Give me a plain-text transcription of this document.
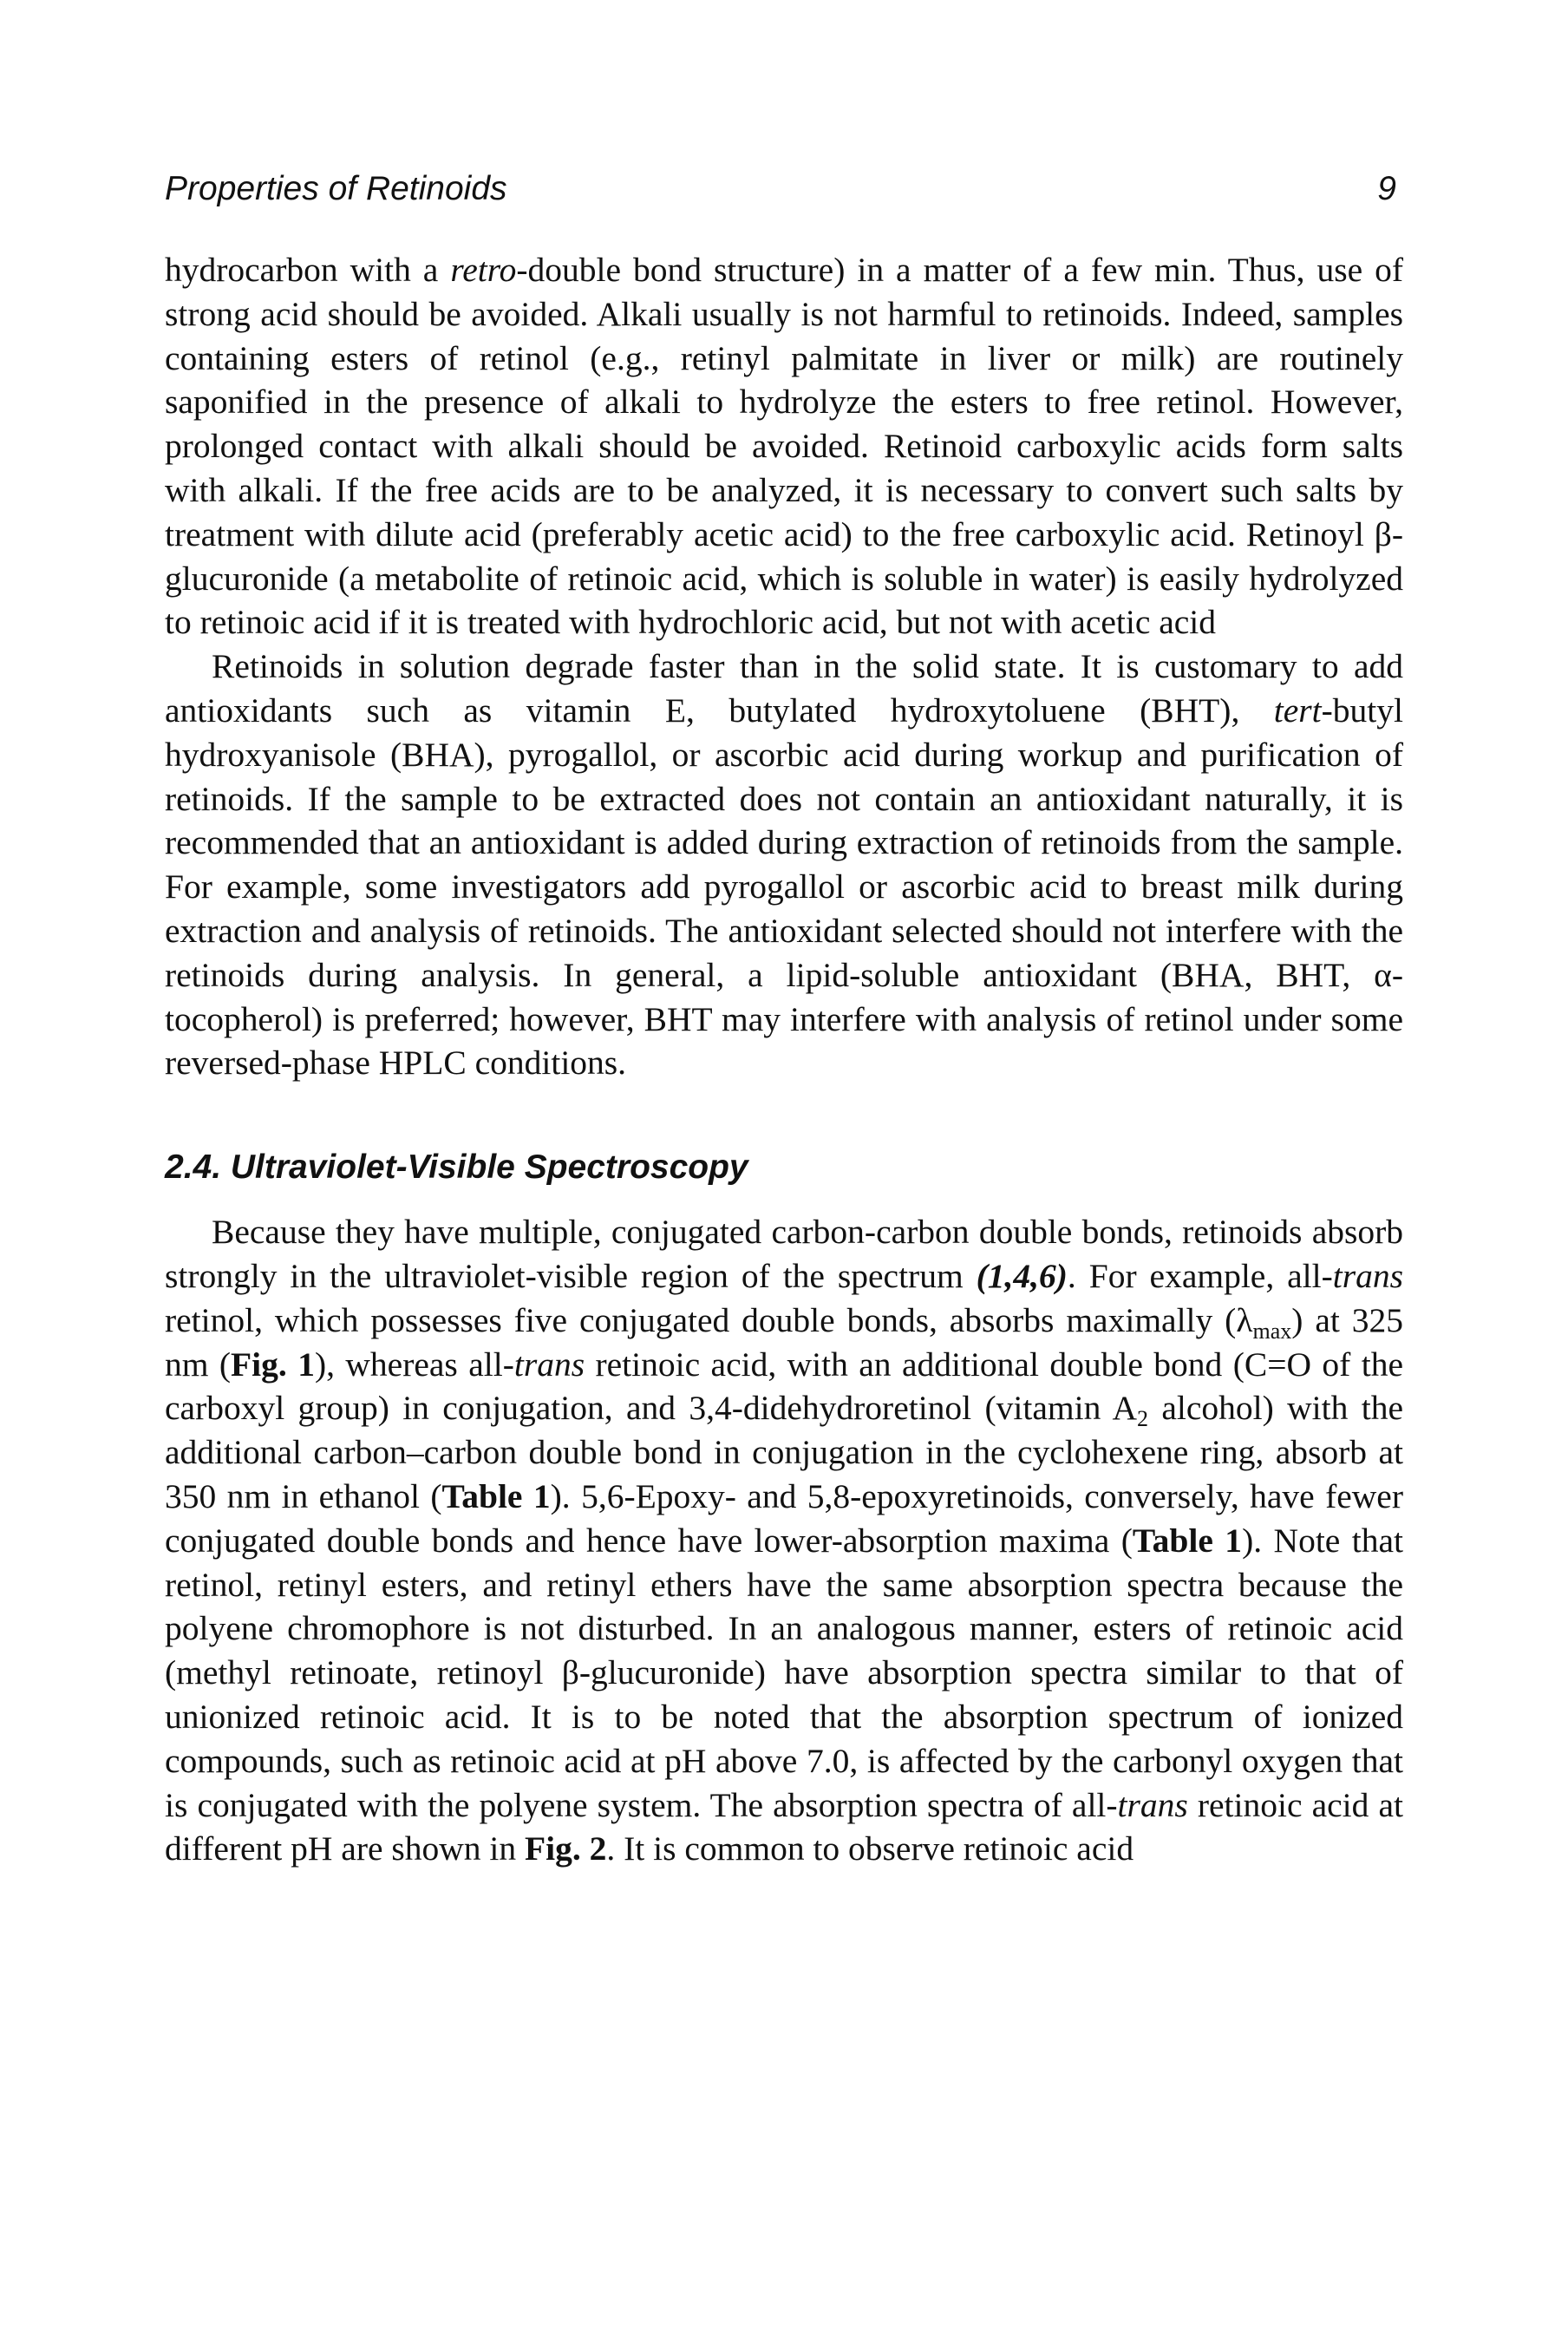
Properties of Retinoids	9

hydrocarbon with a retro-double bond structure) in a matter of a few min. Thus, use of strong acid should be avoided. Alkali usually is not harmful to retinoids. Indeed, samples containing esters of retinol (e.g., retinyl palmitate in liver or milk) are routinely saponified in the presence of alkali to hydrolyze the esters to free retinol. However, prolonged contact with alkali should be avoided. Retinoid carboxylic acids form salts with alkali. If the free acids are to be analyzed, it is necessary to convert such salts by treatment with dilute acid (preferably acetic acid) to the free carboxylic acid. Retinoyl β-glucuronide (a metabolite of retinoic acid, which is soluble in water) is easily hydrolyzed to retinoic acid if it is treated with hydrochloric acid, but not with acetic acid

Retinoids in solution degrade faster than in the solid state. It is customary to add antioxidants such as vitamin E, butylated hydroxytoluene (BHT), tert-butyl hydroxyanisole (BHA), pyrogallol, or ascorbic acid during workup and purification of retinoids. If the sample to be extracted does not contain an antioxidant naturally, it is recommended that an antioxidant is added during extraction of retinoids from the sample. For example, some investigators add pyrogallol or ascorbic acid to breast milk during extraction and analysis of retinoids. The antioxidant selected should not interfere with the retinoids during analysis. In general, a lipid-soluble antioxidant (BHA, BHT, α-tocopherol) is preferred; however, BHT may interfere with analysis of retinol under some reversed-phase HPLC conditions.

2.4. Ultraviolet-Visible Spectroscopy

Because they have multiple, conjugated carbon-carbon double bonds, retinoids absorb strongly in the ultraviolet-visible region of the spectrum (1,4,6). For example, all-trans retinol, which possesses five conjugated double bonds, absorbs maximally $(\lambda_{max})$ at 325 nm (Fig. 1), whereas all-trans retinoic acid, with an additional double bond (C=O of the carboxyl group) in conjugation, and 3,4-didehydroretinol (vitamin $A_2$ alcohol) with the additional carbon–carbon double bond in conjugation in the cyclohexene ring, absorb at 350 nm in ethanol (Table 1). 5,6-Epoxy- and 5,8-epoxyretinoids, conversely, have fewer conjugated double bonds and hence have lower-absorption maxima (Table 1). Note that retinol, retinyl esters, and retinyl ethers have the same absorption spectra because the polyene chromophore is not disturbed. In an analogous manner, esters of retinoic acid (methyl retinoate, retinoyl β-glucuronide) have absorption spectra similar to that of unionized retinoic acid. It is to be noted that the absorption spectrum of ionized compounds, such as retinoic acid at pH above 7.0, is affected by the carbonyl oxygen that is conjugated with the polyene system. The absorption spectra of all-trans retinoic acid at different pH are shown in Fig. 2. It is common to observe retinoic acid
